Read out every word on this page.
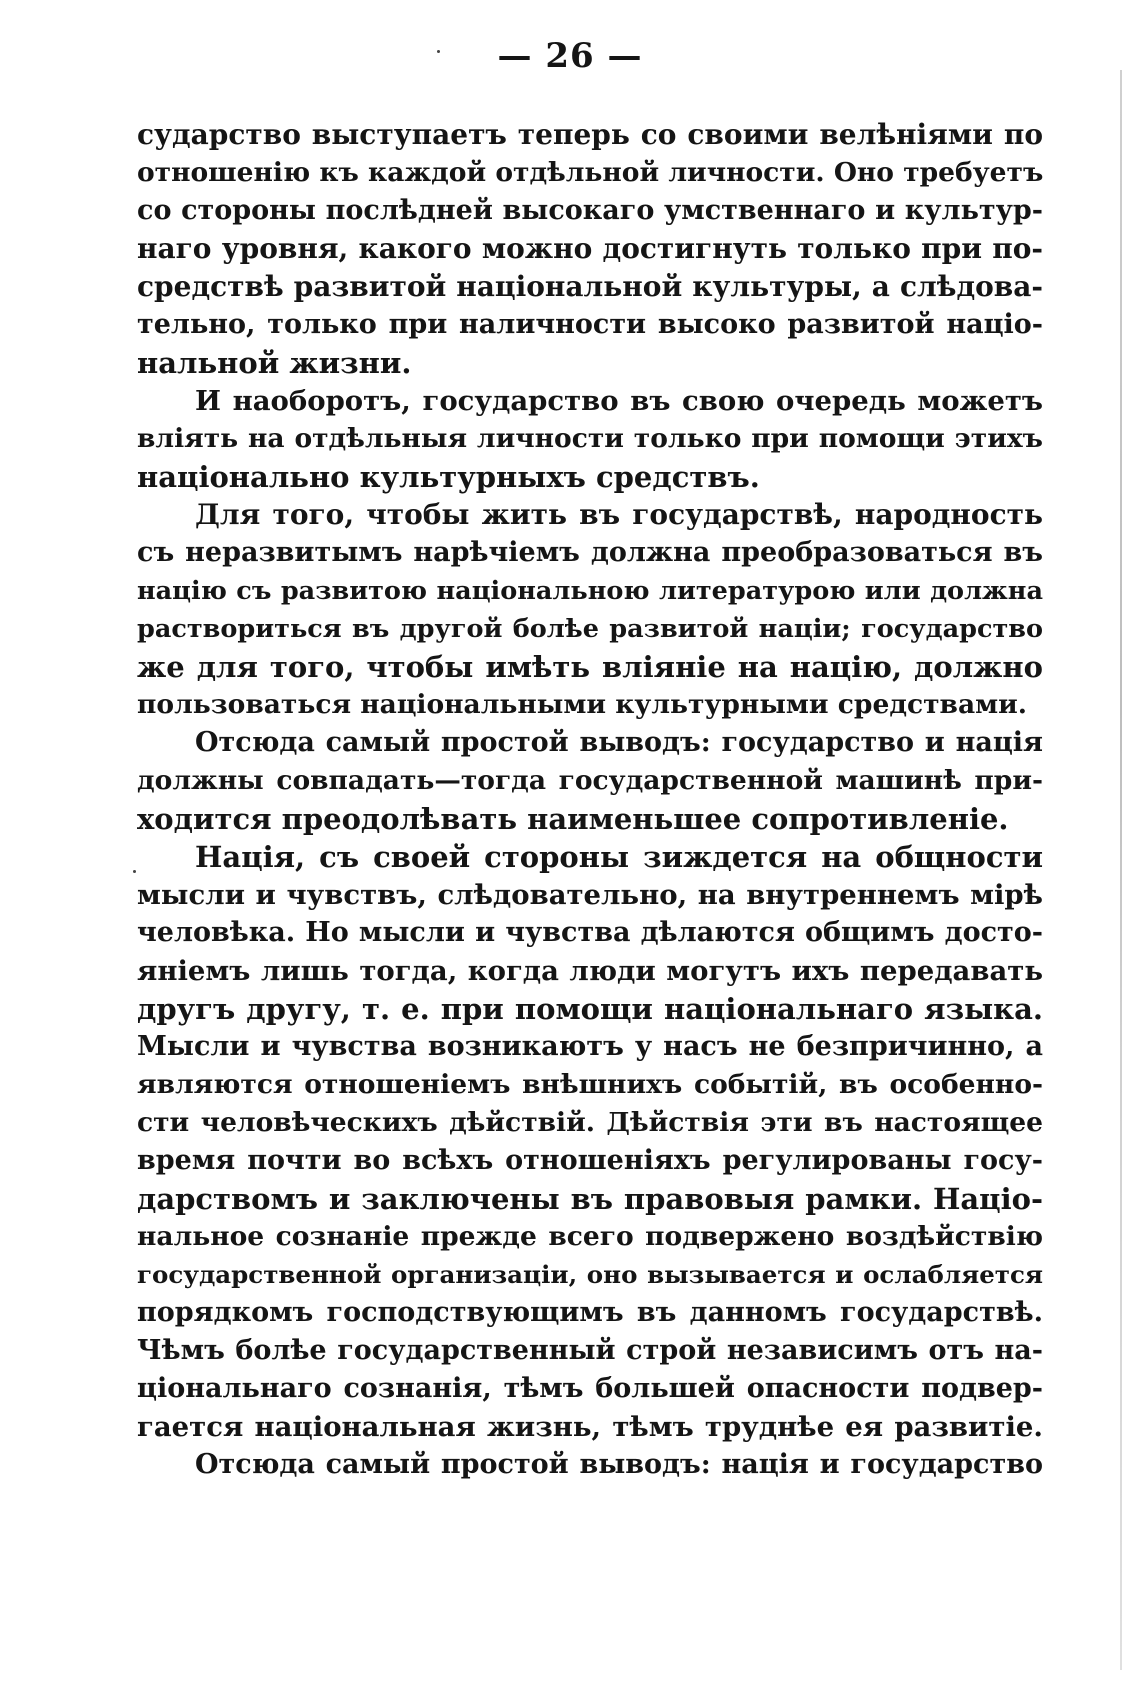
— 26 —
сударство выступаетъ теперь со своими велѣніями по
отношенію къ каждой отдѣльной личности. Оно требуетъ
со стороны послѣдней высокаго умственнаго и культур-
наго уровня, какого можно достигнуть только при по-
средствѣ развитой національной культуры, а слѣдова-
тельно, только при наличности высоко развитой націо-
нальной жизни.
И наоборотъ, государство въ свою очередь можетъ
вліять на отдѣльныя личности только при помощи этихъ
національно культурныхъ средствъ.
Для того, чтобы жить въ государствѣ, народность
съ неразвитымъ нарѣчіемъ должна преобразоваться въ
націю съ развитою національною литературою или должна
раствориться въ другой болѣе развитой націи; государство
же для того, чтобы имѣть вліяніе на націю, должно
пользоваться національными культурными средствами.
Отсюда самый простой выводъ: государство и нація
должны совпадать—тогда государственной машинѣ при-
ходится преодолѣвать наименьшее сопротивленіе.
Нація, съ своей стороны зиждется на общности
мысли и чувствъ, слѣдовательно, на внутреннемъ мірѣ
человѣка. Но мысли и чувства дѣлаются общимъ досто-
яніемъ лишь тогда, когда люди могутъ ихъ передавать
другъ другу, т. е. при помощи національнаго языка.
Мысли и чувства возникаютъ у насъ не безпричинно, а
являются отношеніемъ внѣшнихъ событій, въ особенно-
сти человѣческихъ дѣйствій. Дѣйствія эти въ настоящее
время почти во всѣхъ отношеніяхъ регулированы госу-
дарствомъ и заключены въ правовыя рамки. Націо-
нальное сознаніе прежде всего подвержено воздѣйствію
государственной организаціи, оно вызывается и ослабляется
порядкомъ господствующимъ въ данномъ государствѣ.
Чѣмъ болѣе государственный строй независимъ отъ на-
ціональнаго сознанія, тѣмъ большей опасности подвер-
гается національная жизнь, тѣмъ труднѣе ея развитіе.
Отсюда самый простой выводъ: нація и государство
